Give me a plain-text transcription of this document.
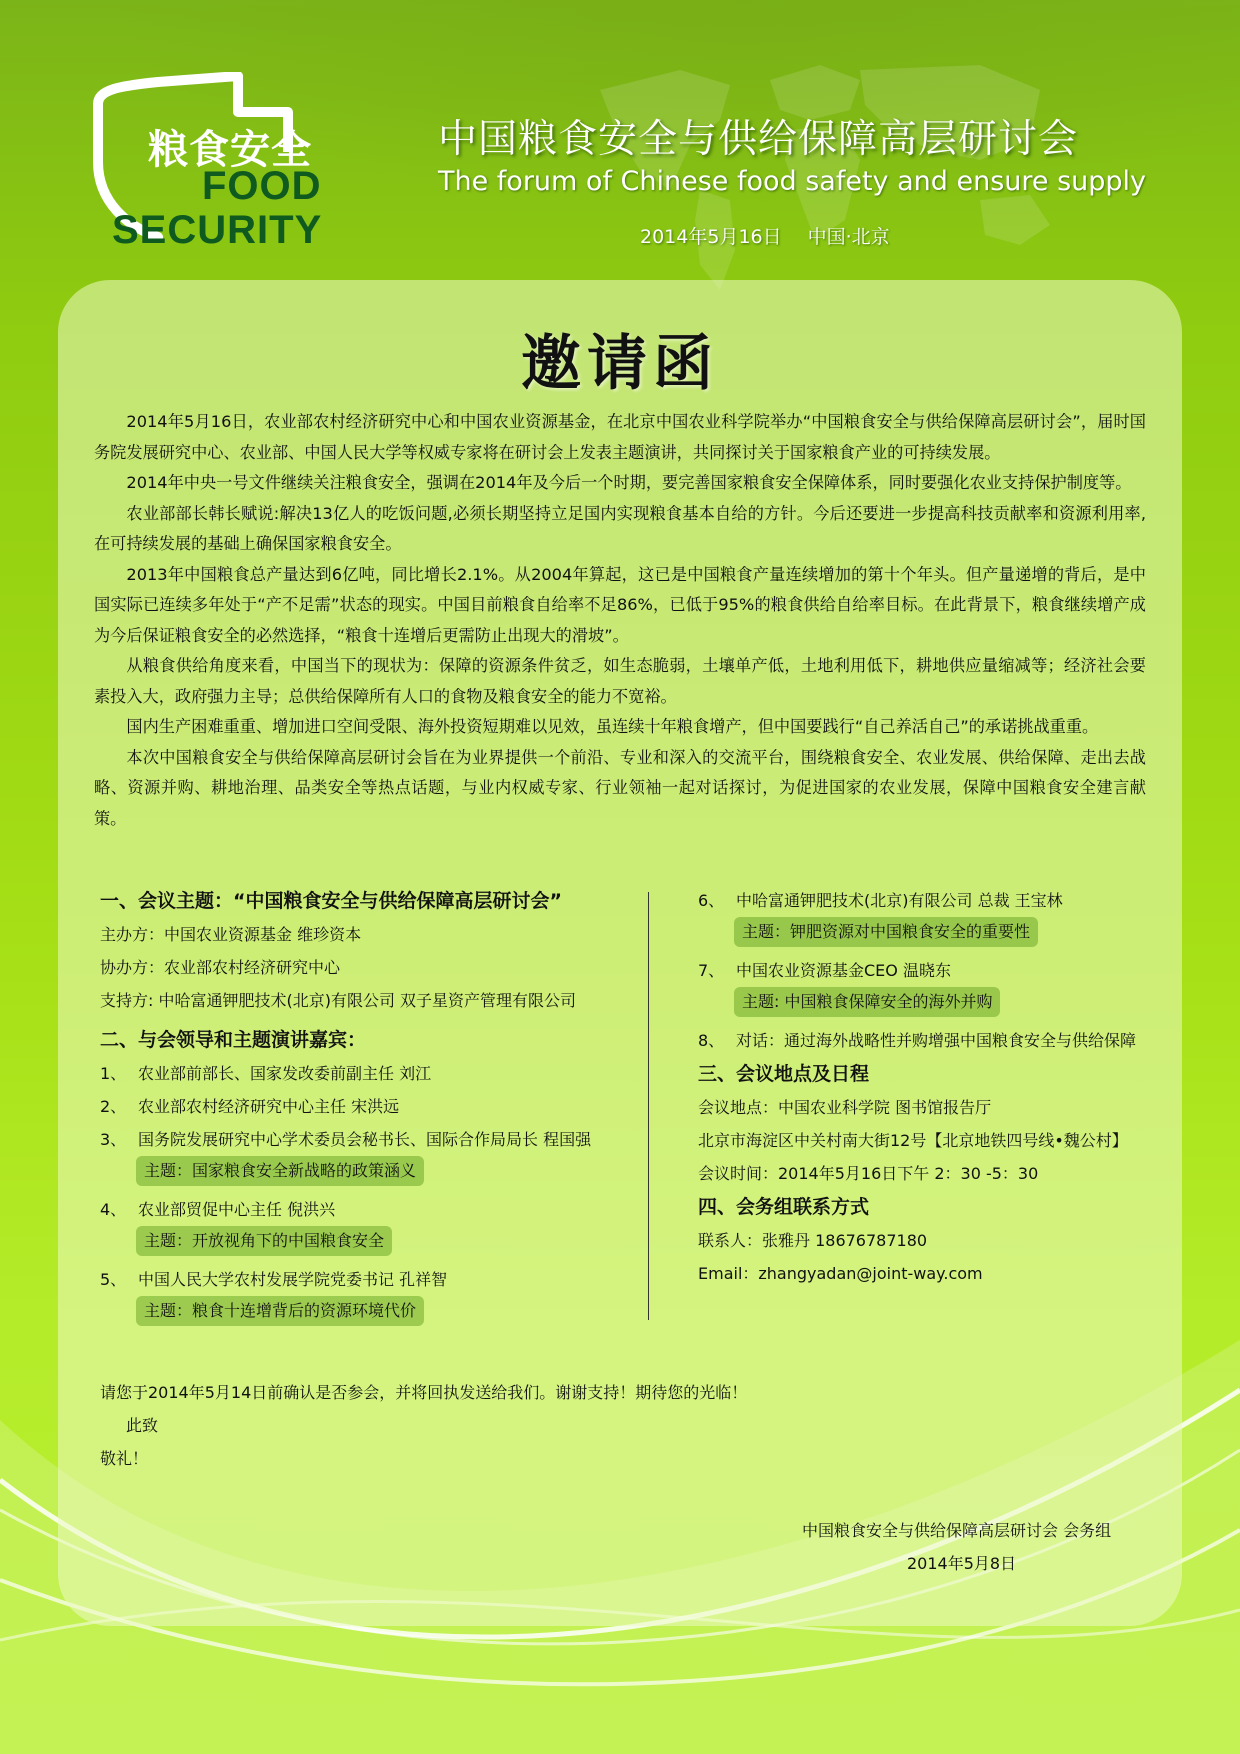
粮食安全
FOOD
SECURITY
中国粮食安全与供给保障高层研讨会
The forum of Chinese food safety and ensure supply
2014年5月16日 中国·北京
邀请函

2014年5月16日，农业部农村经济研究中心和中国农业资源基金，在北京中国农业科学院举办“中国粮食安全与供给保障高层研讨会”，届时国务院发展研究中心、农业部、中国人民大学等权威专家将在研讨会上发表主题演讲，共同探讨关于国家粮食产业的可持续发展。

2014年中央一号文件继续关注粮食安全，强调在2014年及今后一个时期，要完善国家粮食安全保障体系，同时要强化农业支持保护制度等。

农业部部长韩长赋说:解决13亿人的吃饭问题,必须长期坚持立足国内实现粮食基本自给的方针。今后还要进一步提高科技贡献率和资源利用率,在可持续发展的基础上确保国家粮食安全。

2013年中国粮食总产量达到6亿吨，同比增长2.1%。从2004年算起，这已是中国粮食产量连续增加的第十个年头。但产量递增的背后，是中国实际已连续多年处于“产不足需”状态的现实。中国目前粮食自给率不足86%，已低于95%的粮食供给自给率目标。在此背景下，粮食继续增产成为今后保证粮食安全的必然选择，“粮食十连增后更需防止出现大的滑坡”。

从粮食供给角度来看，中国当下的现状为：保障的资源条件贫乏，如生态脆弱，土壤单产低，土地利用低下，耕地供应量缩减等；经济社会要素投入大，政府强力主导；总供给保障所有人口的食物及粮食安全的能力不宽裕。

国内生产困难重重、增加进口空间受限、海外投资短期难以见效，虽连续十年粮食增产，但中国要践行“自己养活自己”的承诺挑战重重。

本次中国粮食安全与供给保障高层研讨会旨在为业界提供一个前沿、专业和深入的交流平台，围绕粮食安全、农业发展、供给保障、走出去战略、资源并购、耕地治理、品类安全等热点话题，与业内权威专家、行业领袖一起对话探讨，为促进国家的农业发展，保障中国粮食安全建言献策。

一、会议主题：“中国粮食安全与供给保障高层研讨会”
主办方：中国农业资源基金 维珍资本
协办方：农业部农村经济研究中心
支持方: 中哈富通钾肥技术(北京)有限公司 双子星资产管理有限公司
二、与会领导和主题演讲嘉宾：
1、 农业部前部长、国家发改委前副主任 刘江
2、 农业部农村经济研究中心主任 宋洪远
3、 国务院发展研究中心学术委员会秘书长、国际合作局局长 程国强
主题：国家粮食安全新战略的政策涵义
4、 农业部贸促中心主任 倪洪兴
主题：开放视角下的中国粮食安全
5、 中国人民大学农村发展学院党委书记 孔祥智
主题：粮食十连增背后的资源环境代价
6、 中哈富通钾肥技术(北京)有限公司 总裁 王宝林
主题：钾肥资源对中国粮食安全的重要性
7、 中国农业资源基金CEO 温晓东
主题: 中国粮食保障安全的海外并购
8、 对话：通过海外战略性并购增强中国粮食安全与供给保障
三、会议地点及日程
会议地点：中国农业科学院 图书馆报告厅
北京市海淀区中关村南大街12号【北京地铁四号线•魏公村】
会议时间：2014年5月16日下午 2：30 -5：30
四、会务组联系方式
联系人：张雅丹 18676787180
Email：zhangyadan@joint-way.com
请您于2014年5月14日前确认是否参会，并将回执发送给我们。谢谢支持！期待您的光临！
此致
敬礼！
中国粮食安全与供给保障高层研讨会 会务组
2014年5月8日
